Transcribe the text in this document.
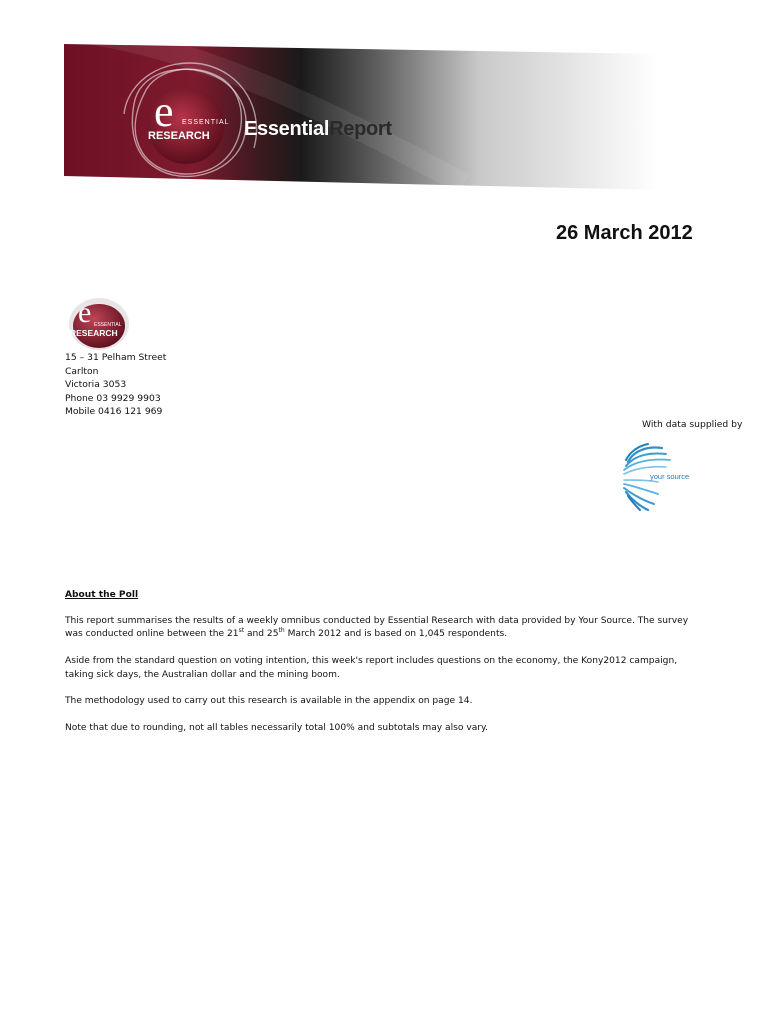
e ESSENTIAL
RESEARCH EssentialReport
26 March 2012
e ESSENTIAL
RESEARCH
15 – 31 Pelham Street
Carlton
Victoria 3053
Phone 03 9929 9903
Mobile 0416 121 969
With data supplied by
your source
About the Poll

This report summarises the results of a weekly omnibus conducted by Essential Research with data provided by Your Source. The survey was conducted online between the 21st and 25th March 2012 and is based on 1,045 respondents.

Aside from the standard question on voting intention, this week's report includes questions on the economy, the Kony2012 campaign, taking sick days, the Australian dollar and the mining boom.

The methodology used to carry out this research is available in the appendix on page 14.

Note that due to rounding, not all tables necessarily total 100% and subtotals may also vary.
